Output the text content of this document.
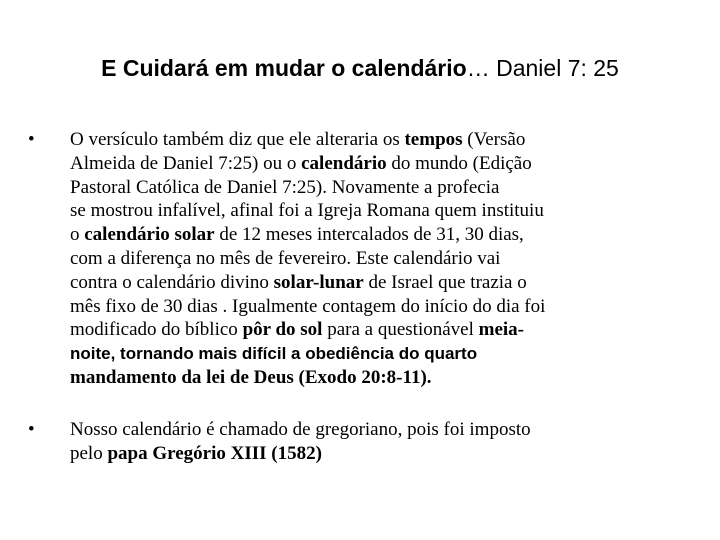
E Cuidará em mudar o calendário… Daniel 7: 25
•	O versículo também diz que ele alteraria os tempos (Versão
Almeida de Daniel 7:25) ou o calendário do mundo (Edição
Pastoral Católica de Daniel 7:25). Novamente a profecia
se mostrou infalível, afinal foi a Igreja Romana quem instituiu
o calendário solar de 12 meses intercalados de 31, 30 dias,
com a diferença no mês de fevereiro. Este calendário vai
contra o calendário divino solar-lunar de Israel que trazia o
mês fixo de 30 dias . Igualmente contagem do início do dia foi
modificado do bíblico pôr do sol para a questionável meia-
noite, tornando mais difícil a obediência do quarto
mandamento da lei de Deus (Exodo 20:8-11).
•	Nosso calendário é chamado de gregoriano, pois foi imposto
pelo papa Gregório XIII (1582)
